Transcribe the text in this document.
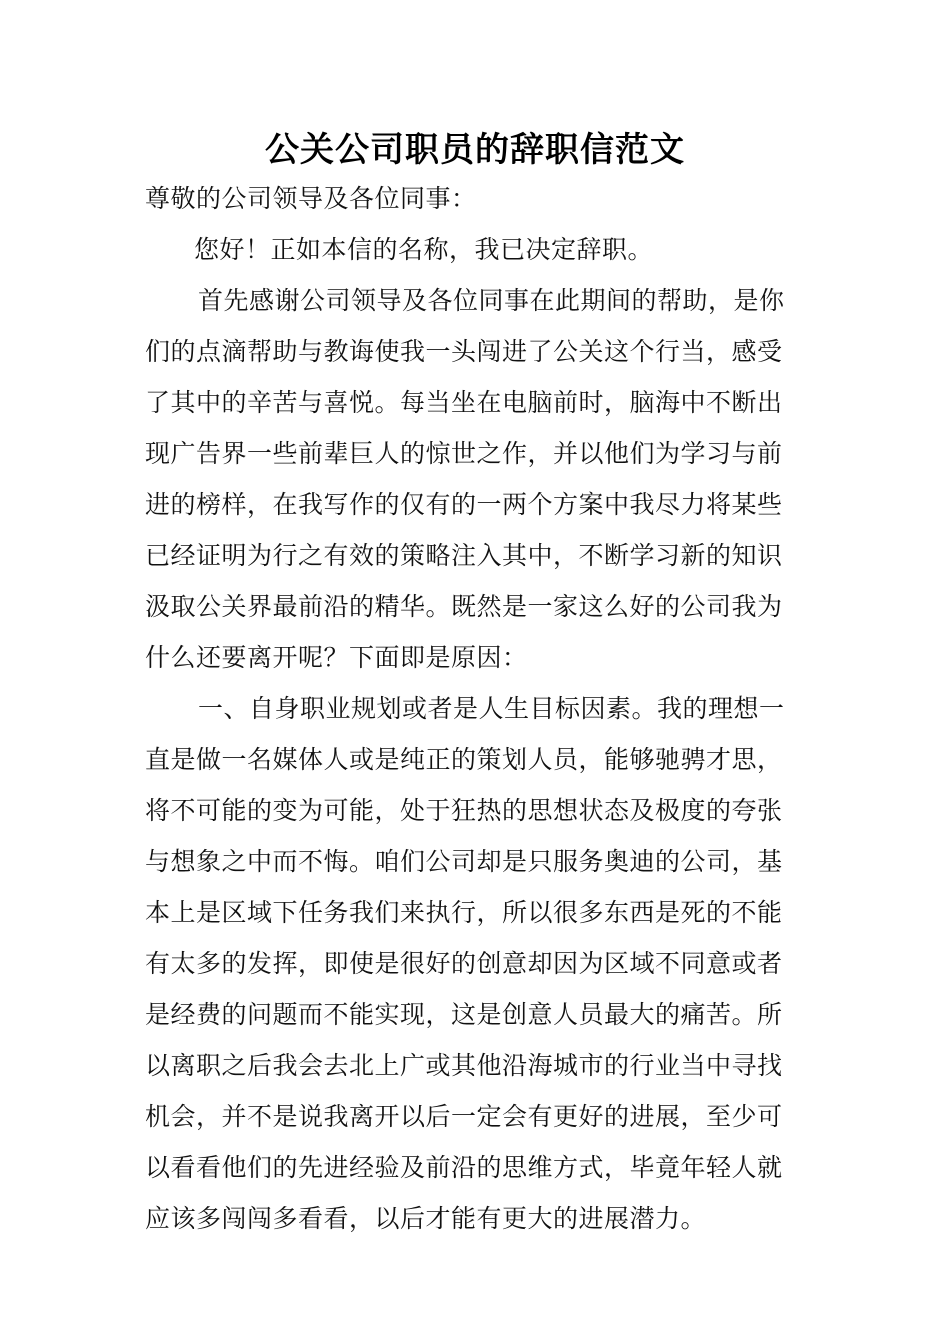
公关公司职员的辞职信范文
尊敬的公司领导及各位同事：
您好！正如本信的名称，我已决定辞职。
首先感谢公司领导及各位同事在此期间的帮助，是你
们的点滴帮助与教诲使我一头闯进了公关这个行当，感受
了其中的辛苦与喜悦。每当坐在电脑前时，脑海中不断出
现广告界一些前辈巨人的惊世之作，并以他们为学习与前
进的榜样，在我写作的仅有的一两个方案中我尽力将某些
已经证明为行之有效的策略注入其中，不断学习新的知识
汲取公关界最前沿的精华。既然是一家这么好的公司我为
什么还要离开呢？下面即是原因：
一、自身职业规划或者是人生目标因素。我的理想一
直是做一名媒体人或是纯正的策划人员，能够驰骋才思，
将不可能的变为可能，处于狂热的思想状态及极度的夸张
与想象之中而不悔。咱们公司却是只服务奥迪的公司，基
本上是区域下任务我们来执行，所以很多东西是死的不能
有太多的发挥，即使是很好的创意却因为区域不同意或者
是经费的问题而不能实现，这是创意人员最大的痛苦。所
以离职之后我会去北上广或其他沿海城市的行业当中寻找
机会，并不是说我离开以后一定会有更好的进展，至少可
以看看他们的先进经验及前沿的思维方式，毕竟年轻人就
应该多闯闯多看看，以后才能有更大的进展潜力。
